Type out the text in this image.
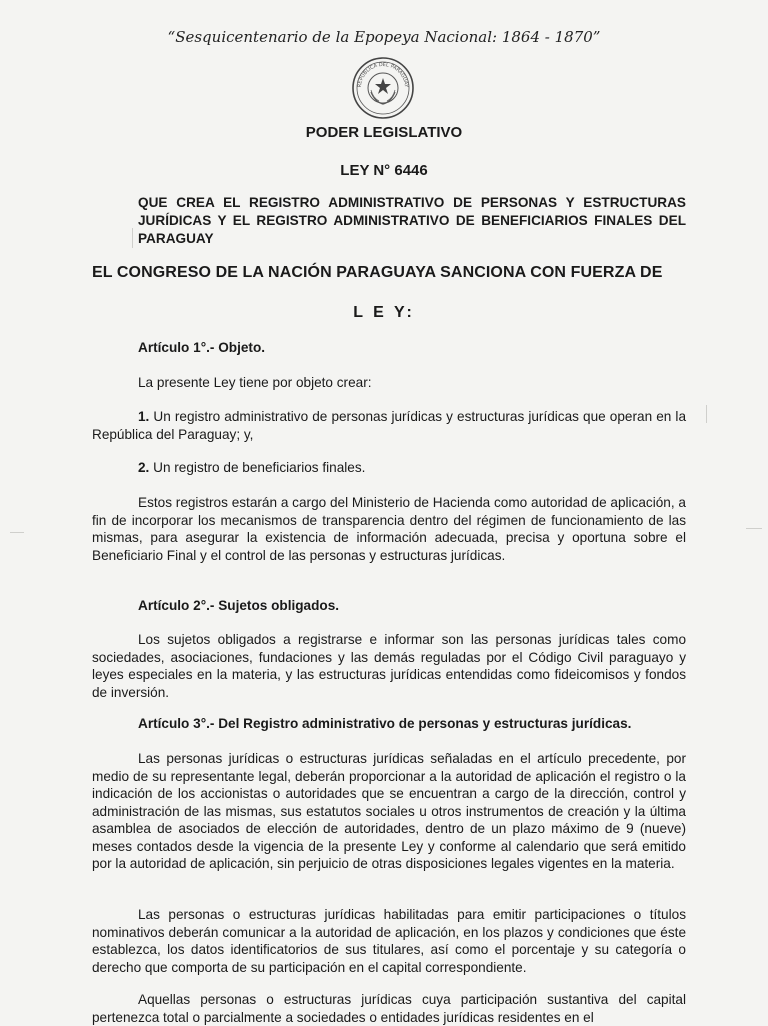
“Sesquicentenario de la Epopeya Nacional: 1864 - 1870”
REPÚBLICA DEL PARAGUAY
PODER LEGISLATIVO
LEY N° 6446
QUE CREA EL REGISTRO ADMINISTRATIVO DE PERSONAS Y ESTRUCTURAS JURÍDICAS Y EL REGISTRO ADMINISTRATIVO DE BENEFICIARIOS FINALES DEL PARAGUAY
EL CONGRESO DE LA NACIÓN PARAGUAYA SANCIONA CON FUERZA DE
L E Y:
Artículo 1°.- Objeto.
La presente Ley tiene por objeto crear:
1. Un registro administrativo de personas jurídicas y estructuras jurídicas que operan en la República del Paraguay; y,
2. Un registro de beneficiarios finales.
Estos registros estarán a cargo del Ministerio de Hacienda como autoridad de aplicación, a fin de incorporar los mecanismos de transparencia dentro del régimen de funcionamiento de las mismas, para asegurar la existencia de información adecuada, precisa y oportuna sobre el Beneficiario Final y el control de las personas y estructuras jurídicas.
Artículo 2°.- Sujetos obligados.
Los sujetos obligados a registrarse e informar son las personas jurídicas tales como sociedades, asociaciones, fundaciones y las demás reguladas por el Código Civil paraguayo y leyes especiales en la materia, y las estructuras jurídicas entendidas como fideicomisos y fondos de inversión.
Artículo 3°.- Del Registro administrativo de personas y estructuras jurídicas.
Las personas jurídicas o estructuras jurídicas señaladas en el artículo precedente, por medio de su representante legal, deberán proporcionar a la autoridad de aplicación el registro o la indicación de los accionistas o autoridades que se encuentran a cargo de la dirección, control y administración de las mismas, sus estatutos sociales u otros instrumentos de creación y la última asamblea de asociados de elección de autoridades, dentro de un plazo máximo de 9 (nueve) meses contados desde la vigencia de la presente Ley y conforme al calendario que será emitido por la autoridad de aplicación, sin perjuicio de otras disposiciones legales vigentes en la materia.
Las personas o estructuras jurídicas habilitadas para emitir participaciones o títulos nominativos deberán comunicar a la autoridad de aplicación, en los plazos y condiciones que éste establezca, los datos identificatorios de sus titulares, así como el porcentaje y su categoría o derecho que comporta de su participación en el capital correspondiente.
Aquellas personas o estructuras jurídicas cuya participación sustantiva del capital pertenezca total o parcialmente a sociedades o entidades jurídicas residentes en el
